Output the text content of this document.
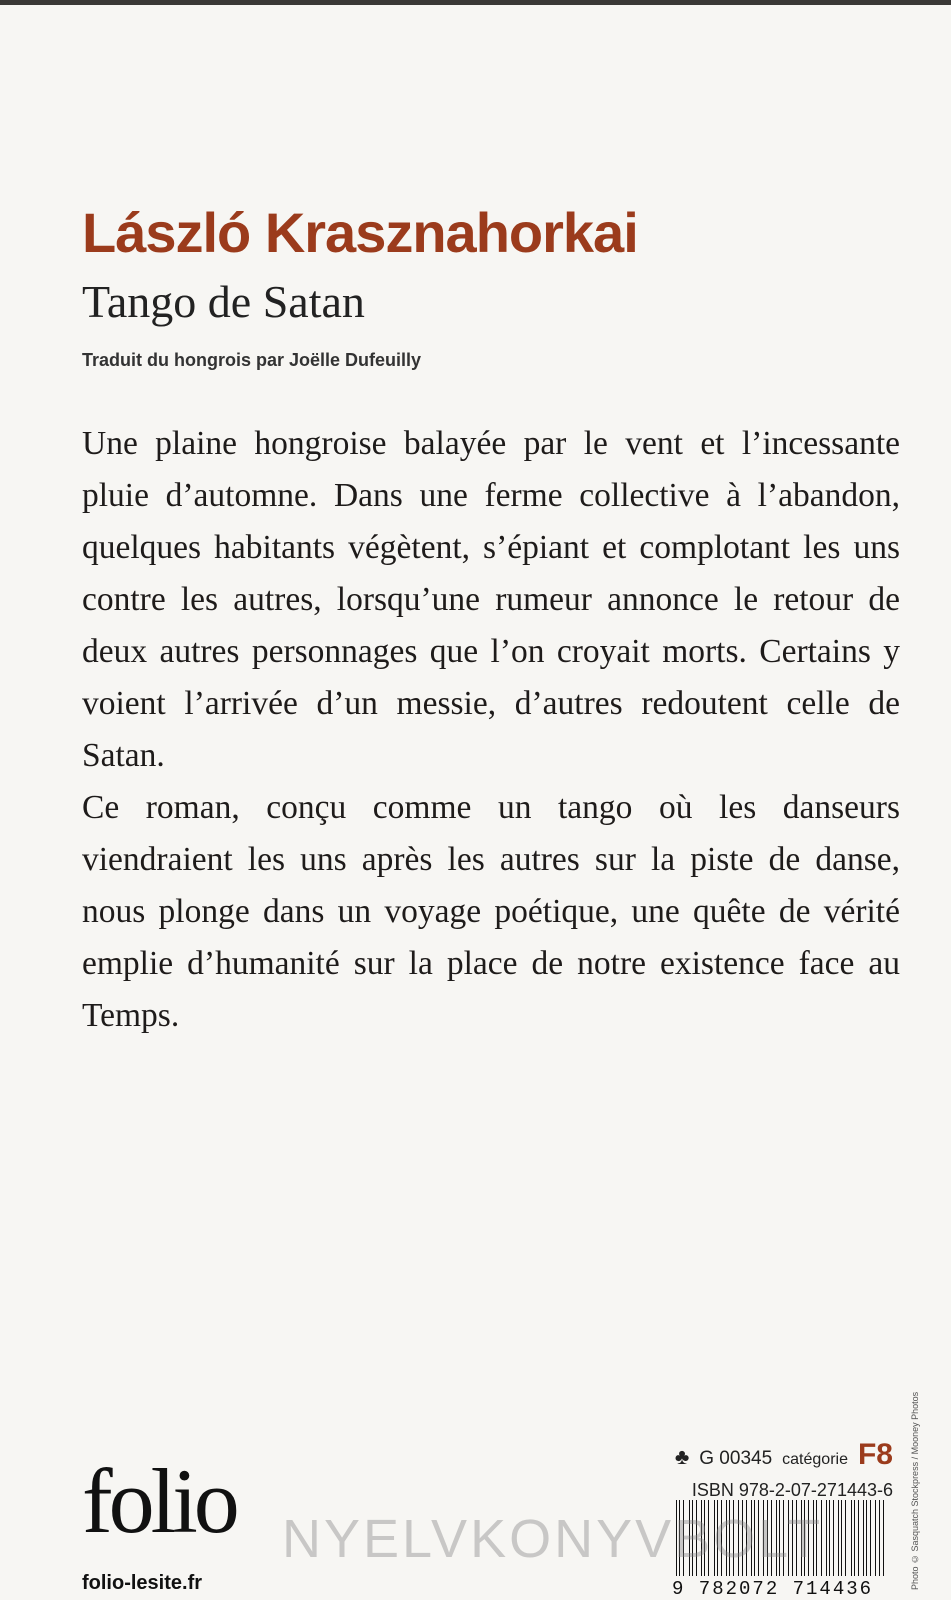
László Krasznahorkai
Tango de Satan
Traduit du hongrois par Joëlle Dufeuilly

Une plaine hongroise balayée par le vent et l’incessante pluie d’automne. Dans une ferme collective à l’abandon, quelques habitants végètent, s’épiant et complotant les uns contre les autres, lorsqu’une rumeur annonce le retour de deux autres personnages que l’on croyait morts. Certains y voient l’arrivée d’un messie, d’autres redoutent celle de Satan.

Ce roman, conçu comme un tango où les danseurs viendraient les uns après les autres sur la piste de danse, nous plonge dans un voyage poétique, une quête de vérité emplie d’humanité sur la place de notre existence face au Temps.

♣ G 00345 catégorie F8
ISBN 978-2-07-271443-6
9 782072 714436
folio
folio-lesite.fr
NYELVKONYVBOLT	Photo © Sasquatch Stockpress / Mooney Photos
